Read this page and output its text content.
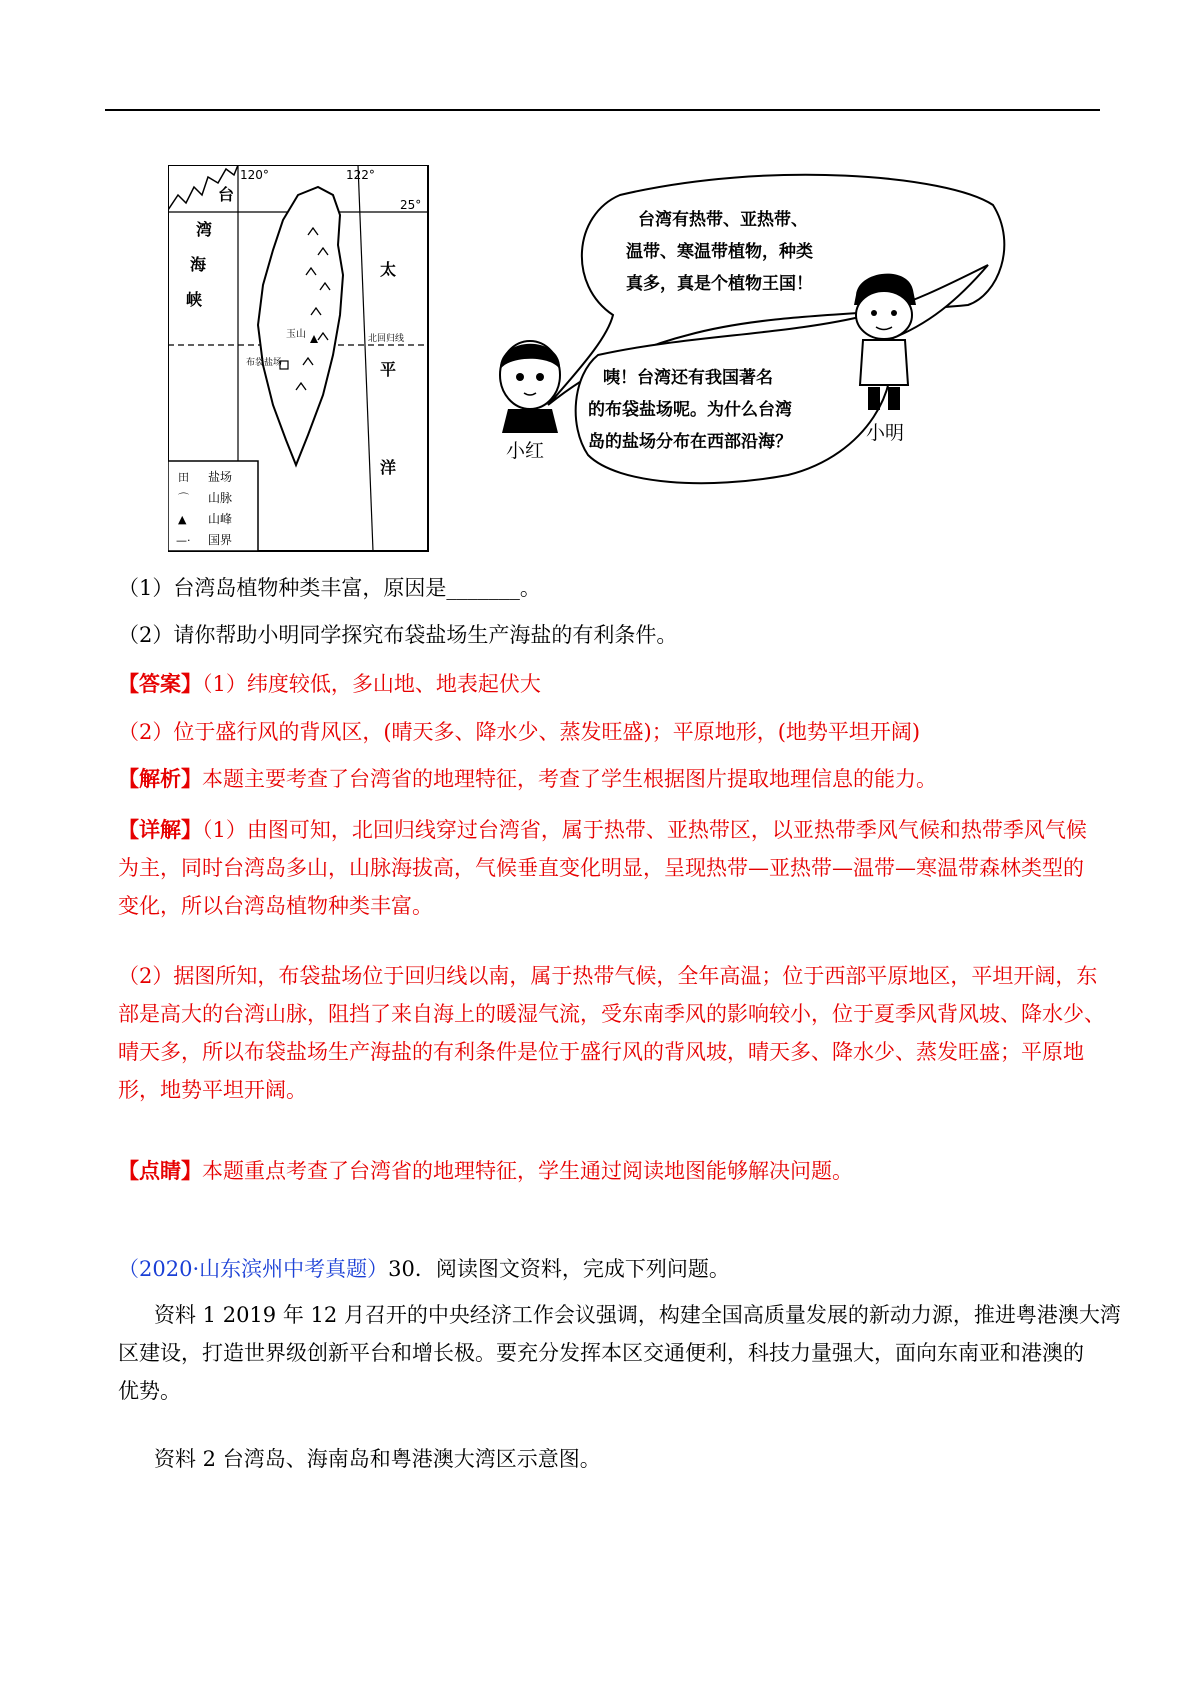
120°	122°
25°
台
湾
海
峡
太
平
洋
玉山
布袋盐场
北回归线
田 盐场
⌒ 山脉
▲ 山峰
—· 国界
台湾有热带、亚热带、
温带、寒温带植物，种类
真多，真是个植物王国！
咦！台湾还有我国著名
的布袋盐场呢。为什么台湾
岛的盐场分布在西部沿海？
小红
小明
（1）台湾岛植物种类丰富，原因是_______。
（2）请你帮助小明同学探究布袋盐场生产海盐的有利条件。
【答案】（1）纬度较低，多山地、地表起伏大
（2）位于盛行风的背风区，(晴天多、降水少、蒸发旺盛)；平原地形，(地势平坦开阔)
【解析】本题主要考查了台湾省的地理特征，考查了学生根据图片提取地理信息的能力。
【详解】（1）由图可知，北回归线穿过台湾省，属于热带、亚热带区，以亚热带季风气候和热带季风气候
为主，同时台湾岛多山，山脉海拔高，气候垂直变化明显，呈现热带—亚热带—温带—寒温带森林类型的
变化，所以台湾岛植物种类丰富。
（2）据图所知，布袋盐场位于回归线以南，属于热带气候，全年高温；位于西部平原地区，平坦开阔，东
部是高大的台湾山脉，阻挡了来自海上的暖湿气流，受东南季风的影响较小，位于夏季风背风坡、降水少、
晴天多，所以布袋盐场生产海盐的有利条件是位于盛行风的背风坡，晴天多、降水少、蒸发旺盛；平原地
形，地势平坦开阔。
【点睛】本题重点考查了台湾省的地理特征，学生通过阅读地图能够解决问题。
（2020·山东滨州中考真题）30．阅读图文资料，完成下列问题。
资料 1 2019 年 12 月召开的中央经济工作会议强调，构建全国高质量发展的新动力源，推进粤港澳大湾
区建设，打造世界级创新平台和增长极。要充分发挥本区交通便利，科技力量强大，面向东南亚和港澳的
优势。
资料 2 台湾岛、海南岛和粤港澳大湾区示意图。
